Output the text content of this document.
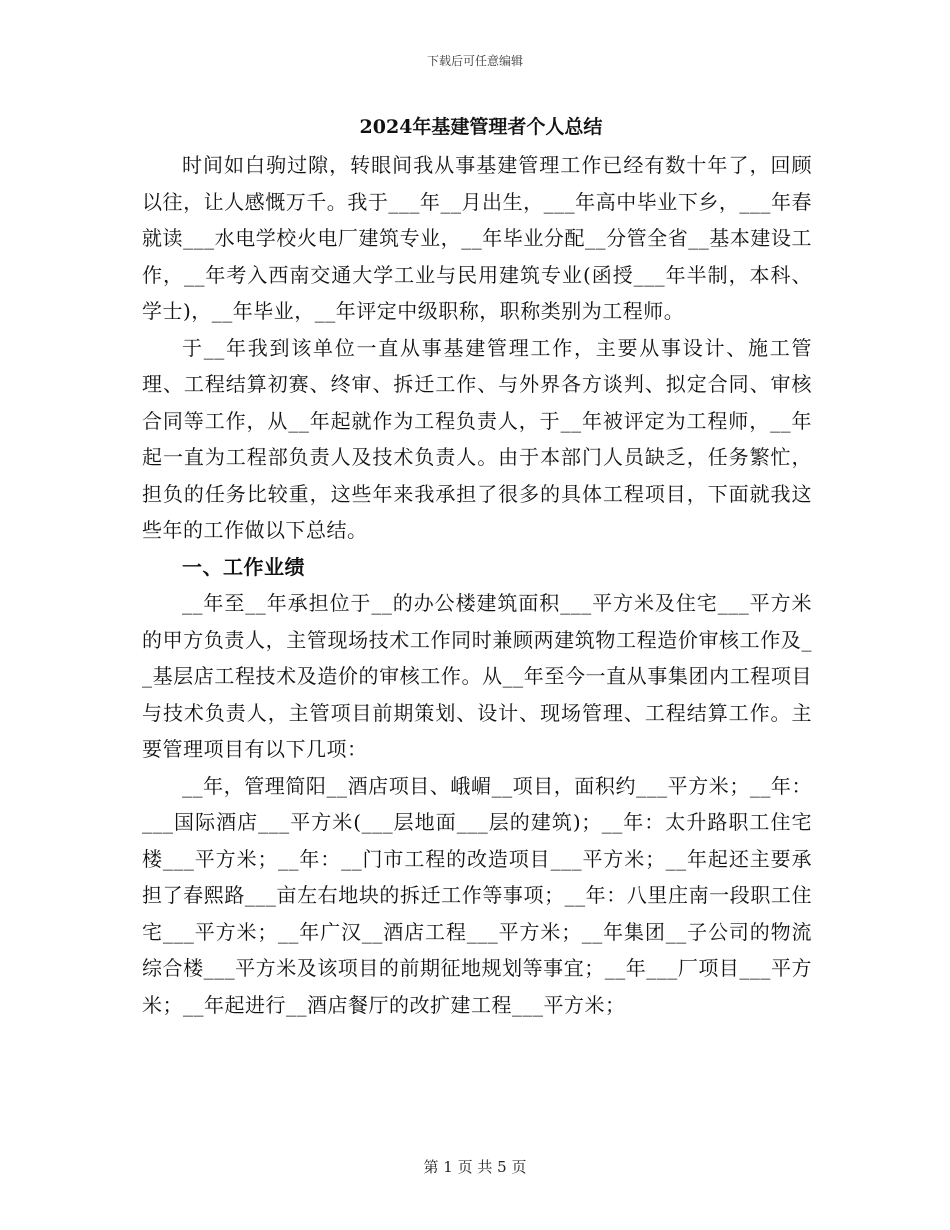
下载后可任意编辑
2024年基建管理者个人总结

时间如白驹过隙，转眼间我从事基建管理工作已经有数十年了，回顾以往，让人感慨万千。我于___年__月出生，___年高中毕业下乡，___年春就读___水电学校火电厂建筑专业，__年毕业分配__分管全省__基本建设工作，__年考入西南交通大学工业与民用建筑专业(函授___年半制，本科、学士)，__年毕业，__年评定中级职称，职称类别为工程师。

于__年我到该单位一直从事基建管理工作，主要从事设计、施工管理、工程结算初赛、终审、拆迁工作、与外界各方谈判、拟定合同、审核合同等工作，从__年起就作为工程负责人，于__年被评定为工程师，__年起一直为工程部负责人及技术负责人。由于本部门人员缺乏，任务繁忙，担负的任务比较重，这些年来我承担了很多的具体工程项目，下面就我这些年的工作做以下总结。

一、工作业绩

__年至__年承担位于__的办公楼建筑面积___平方米及住宅___平方米的甲方负责人，主管现场技术工作同时兼顾两建筑物工程造价审核工作及__基层店工程技术及造价的审核工作。从__年至今一直从事集团内工程项目与技术负责人，主管项目前期策划、设计、现场管理、工程结算工作。主要管理项目有以下几项：

__年，管理简阳__酒店项目、峨嵋__项目，面积约___平方米；__年：___国际酒店___平方米(___层地面___层的建筑)；__年：太升路职工住宅楼___平方米；__年：__门市工程的改造项目___平方米；__年起还主要承担了春熙路___亩左右地块的拆迁工作等事项；__年：八里庄南一段职工住宅___平方米；__年广汉__酒店工程___平方米；__年集团__子公司的物流综合楼___平方米及该项目的前期征地规划等事宜；__年___厂项目___平方米；__年起进行__酒店餐厅的改扩建工程___平方米；

第 1 页 共 5 页
